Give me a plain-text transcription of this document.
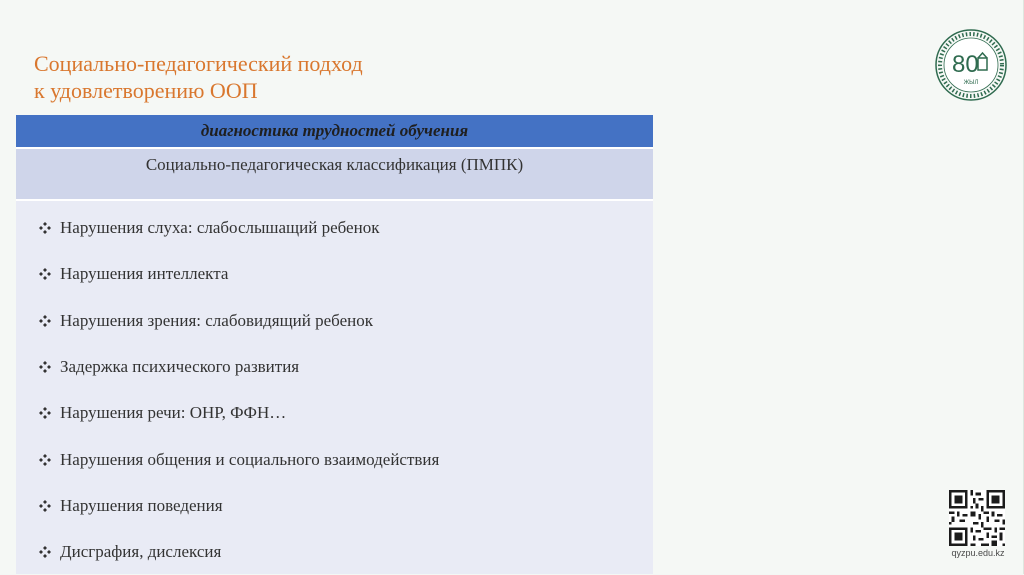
Социально-педагогический подход
к удовлетворению ООП
80
ЖЫЛ
диагностика трудностей обучения
Социально-педагогическая классификация (ПМПК)
Нарушения слуха: слабослышащий ребенок
Нарушения интеллекта
Нарушения зрения: слабовидящий ребенок
Задержка психического развития
Нарушения речи: ОНР, ФФН…
Нарушения общения и социального взаимодействия
Нарушения поведения
Дисграфия, дислексия	qyzpu.edu.kz
